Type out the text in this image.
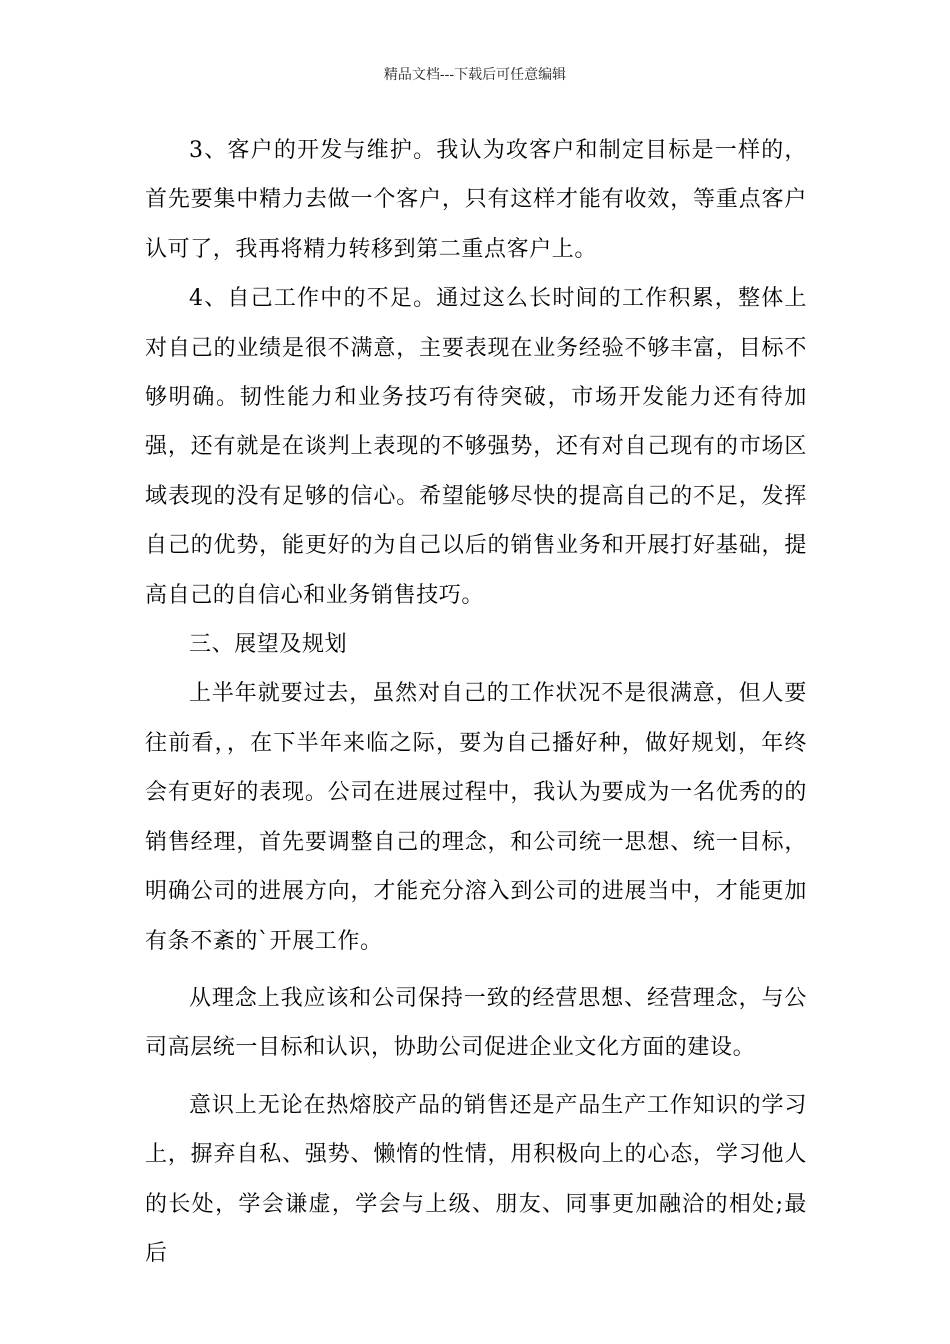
精品文档---下载后可任意编辑

3、客户的开发与维护。我认为攻客户和制定目标是一样的，首先要集中精力去做一个客户，只有这样才能有收效，等重点客户认可了，我再将精力转移到第二重点客户上。

4、自己工作中的不足。通过这么长时间的工作积累，整体上对自己的业绩是很不满意，主要表现在业务经验不够丰富，目标不够明确。韧性能力和业务技巧有待突破，市场开发能力还有待加强，还有就是在谈判上表现的不够强势，还有对自己现有的市场区域表现的没有足够的信心。希望能够尽快的提高自己的不足，发挥自己的优势，能更好的为自己以后的销售业务和开展打好基础，提高自己的自信心和业务销售技巧。

三、展望及规划

上半年就要过去，虽然对自己的工作状况不是很满意，但人要往前看，，在下半年来临之际，要为自己播好种，做好规划，年终会有更好的表现。公司在进展过程中，我认为要成为一名优秀的的销售经理，首先要调整自己的理念，和公司统一思想、统一目标，明确公司的进展方向，才能充分溶入到公司的进展当中，才能更加有条不紊的`开展工作。

从理念上我应该和公司保持一致的经营思想、经营理念，与公司高层统一目标和认识，协助公司促进企业文化方面的建设。

意识上无论在热熔胶产品的销售还是产品生产工作知识的学习上，摒弃自私、强势、懒惰的性情，用积极向上的心态，学习他人的长处，学会谦虚，学会与上级、朋友、同事更加融洽的相处;最后
